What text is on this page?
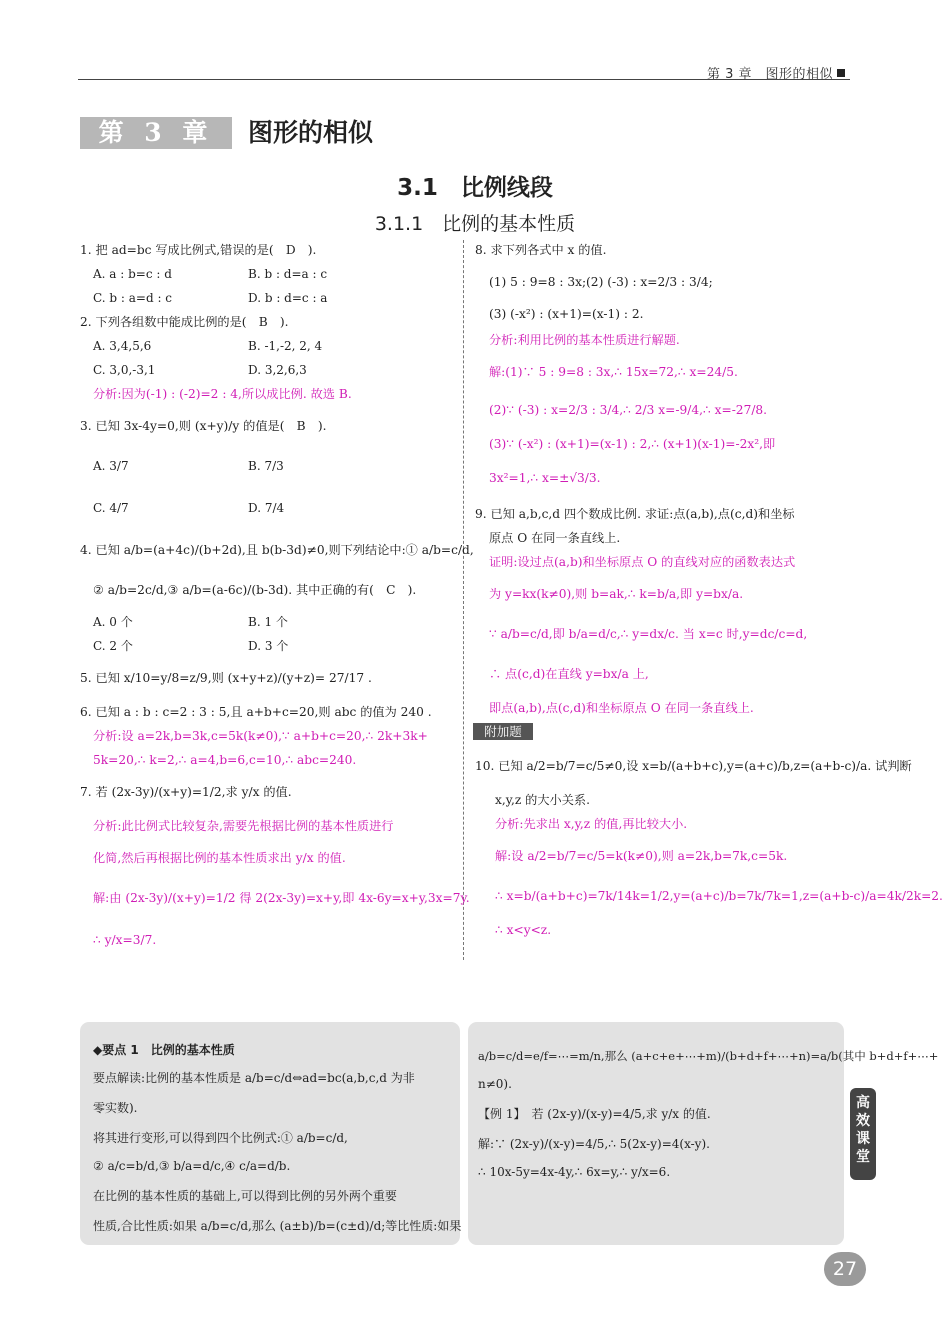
第 3 章　图形的相似
第 3 章	图形的相似
3.1　比例线段
3.1.1　比例的基本性质
1. 把 ad=bc 写成比例式,错误的是(　D　).
A. a : b=c : d	B. b : d=a : c
C. b : a=d : c	D. b : d=c : a
2. 下列各组数中能成比例的是(　B　).
A. 3,4,5,6	B. -1,-2, 2, 4
C. 3,0,-3,1	D. 3,2,6,3
分析:因为(-1) : (-2)=2 : 4,所以成比例. 故选 B.
3. 已知 3x-4y=0,则 (x+y)/y 的值是(　B　).
A. 3/7	B. 7/3
C. 4/7	D. 7/4
4. 已知 a/b=(a+4c)/(b+2d),且 b(b-3d)≠0,则下列结论中:① a/b=c/d,
② a/b=2c/d,③ a/b=(a-6c)/(b-3d). 其中正确的有(　C　).
A. 0 个	B. 1 个
C. 2 个	D. 3 个
5. 已知 x/10=y/8=z/9,则 (x+y+z)/(y+z)= 27/17 .
6. 已知 a : b : c=2 : 3 : 5,且 a+b+c=20,则 abc 的值为 240 .
分析:设 a=2k,b=3k,c=5k(k≠0),∵ a+b+c=20,∴ 2k+3k+
5k=20,∴ k=2,∴ a=4,b=6,c=10,∴ abc=240.
7. 若 (2x-3y)/(x+y)=1/2,求 y/x 的值.
分析:此比例式比较复杂,需要先根据比例的基本性质进行
化简,然后再根据比例的基本性质求出 y/x 的值.
解:由 (2x-3y)/(x+y)=1/2 得 2(2x-3y)=x+y,即 4x-6y=x+y,3x=7y.
∴ y/x=3/7.
8. 求下列各式中 x 的值.
(1) 5 : 9=8 : 3x;(2) (-3) : x=2/3 : 3/4;
(3) (-x²) : (x+1)=(x-1) : 2.
分析:利用比例的基本性质进行解题.
解:(1)∵ 5 : 9=8 : 3x,∴ 15x=72,∴ x=24/5.
(2)∵ (-3) : x=2/3 : 3/4,∴ 2/3 x=-9/4,∴ x=-27/8.
(3)∵ (-x²) : (x+1)=(x-1) : 2,∴ (x+1)(x-1)=-2x²,即
3x²=1,∴ x=±√3/3.
9. 已知 a,b,c,d 四个数成比例. 求证:点(a,b),点(c,d)和坐标
原点 O 在同一条直线上.
证明:设过点(a,b)和坐标原点 O 的直线对应的函数表达式
为 y=kx(k≠0),则 b=ak,∴ k=b/a,即 y=bx/a.
∵ a/b=c/d,即 b/a=d/c,∴ y=dx/c. 当 x=c 时,y=dc/c=d,
∴ 点(c,d)在直线 y=bx/a 上,
即点(a,b),点(c,d)和坐标原点 O 在同一条直线上.
附加题
10. 已知 a/2=b/7=c/5≠0,设 x=b/(a+b+c),y=(a+c)/b,z=(a+b-c)/a. 试判断
x,y,z 的大小关系.
分析:先求出 x,y,z 的值,再比较大小.
解:设 a/2=b/7=c/5=k(k≠0),则 a=2k,b=7k,c=5k.
∴ x=b/(a+b+c)=7k/14k=1/2,y=(a+c)/b=7k/7k=1,z=(a+b-c)/a=4k/2k=2.
∴ x<y<z.
◆要点 1　比例的基本性质
要点解读:比例的基本性质是 a/b=c/d⇔ad=bc(a,b,c,d 为非
零实数).
将其进行变形,可以得到四个比例式:① a/b=c/d,
② a/c=b/d,③ b/a=d/c,④ c/a=d/b.
在比例的基本性质的基础上,可以得到比例的另外两个重要
性质,合比性质:如果 a/b=c/d,那么 (a±b)/b=(c±d)/d;等比性质:如果
a/b=c/d=e/f=⋯=m/n,那么 (a+c+e+⋯+m)/(b+d+f+⋯+n)=a/b(其中 b+d+f+⋯+
n≠0).
【例 1】　若 (2x-y)/(x-y)=4/5,求 y/x 的值.
解:∵ (2x-y)/(x-y)=4/5,∴ 5(2x-y)=4(x-y).
∴ 10x-5y=4x-4y,∴ 6x=y,∴ y/x=6.
高效课堂
27
